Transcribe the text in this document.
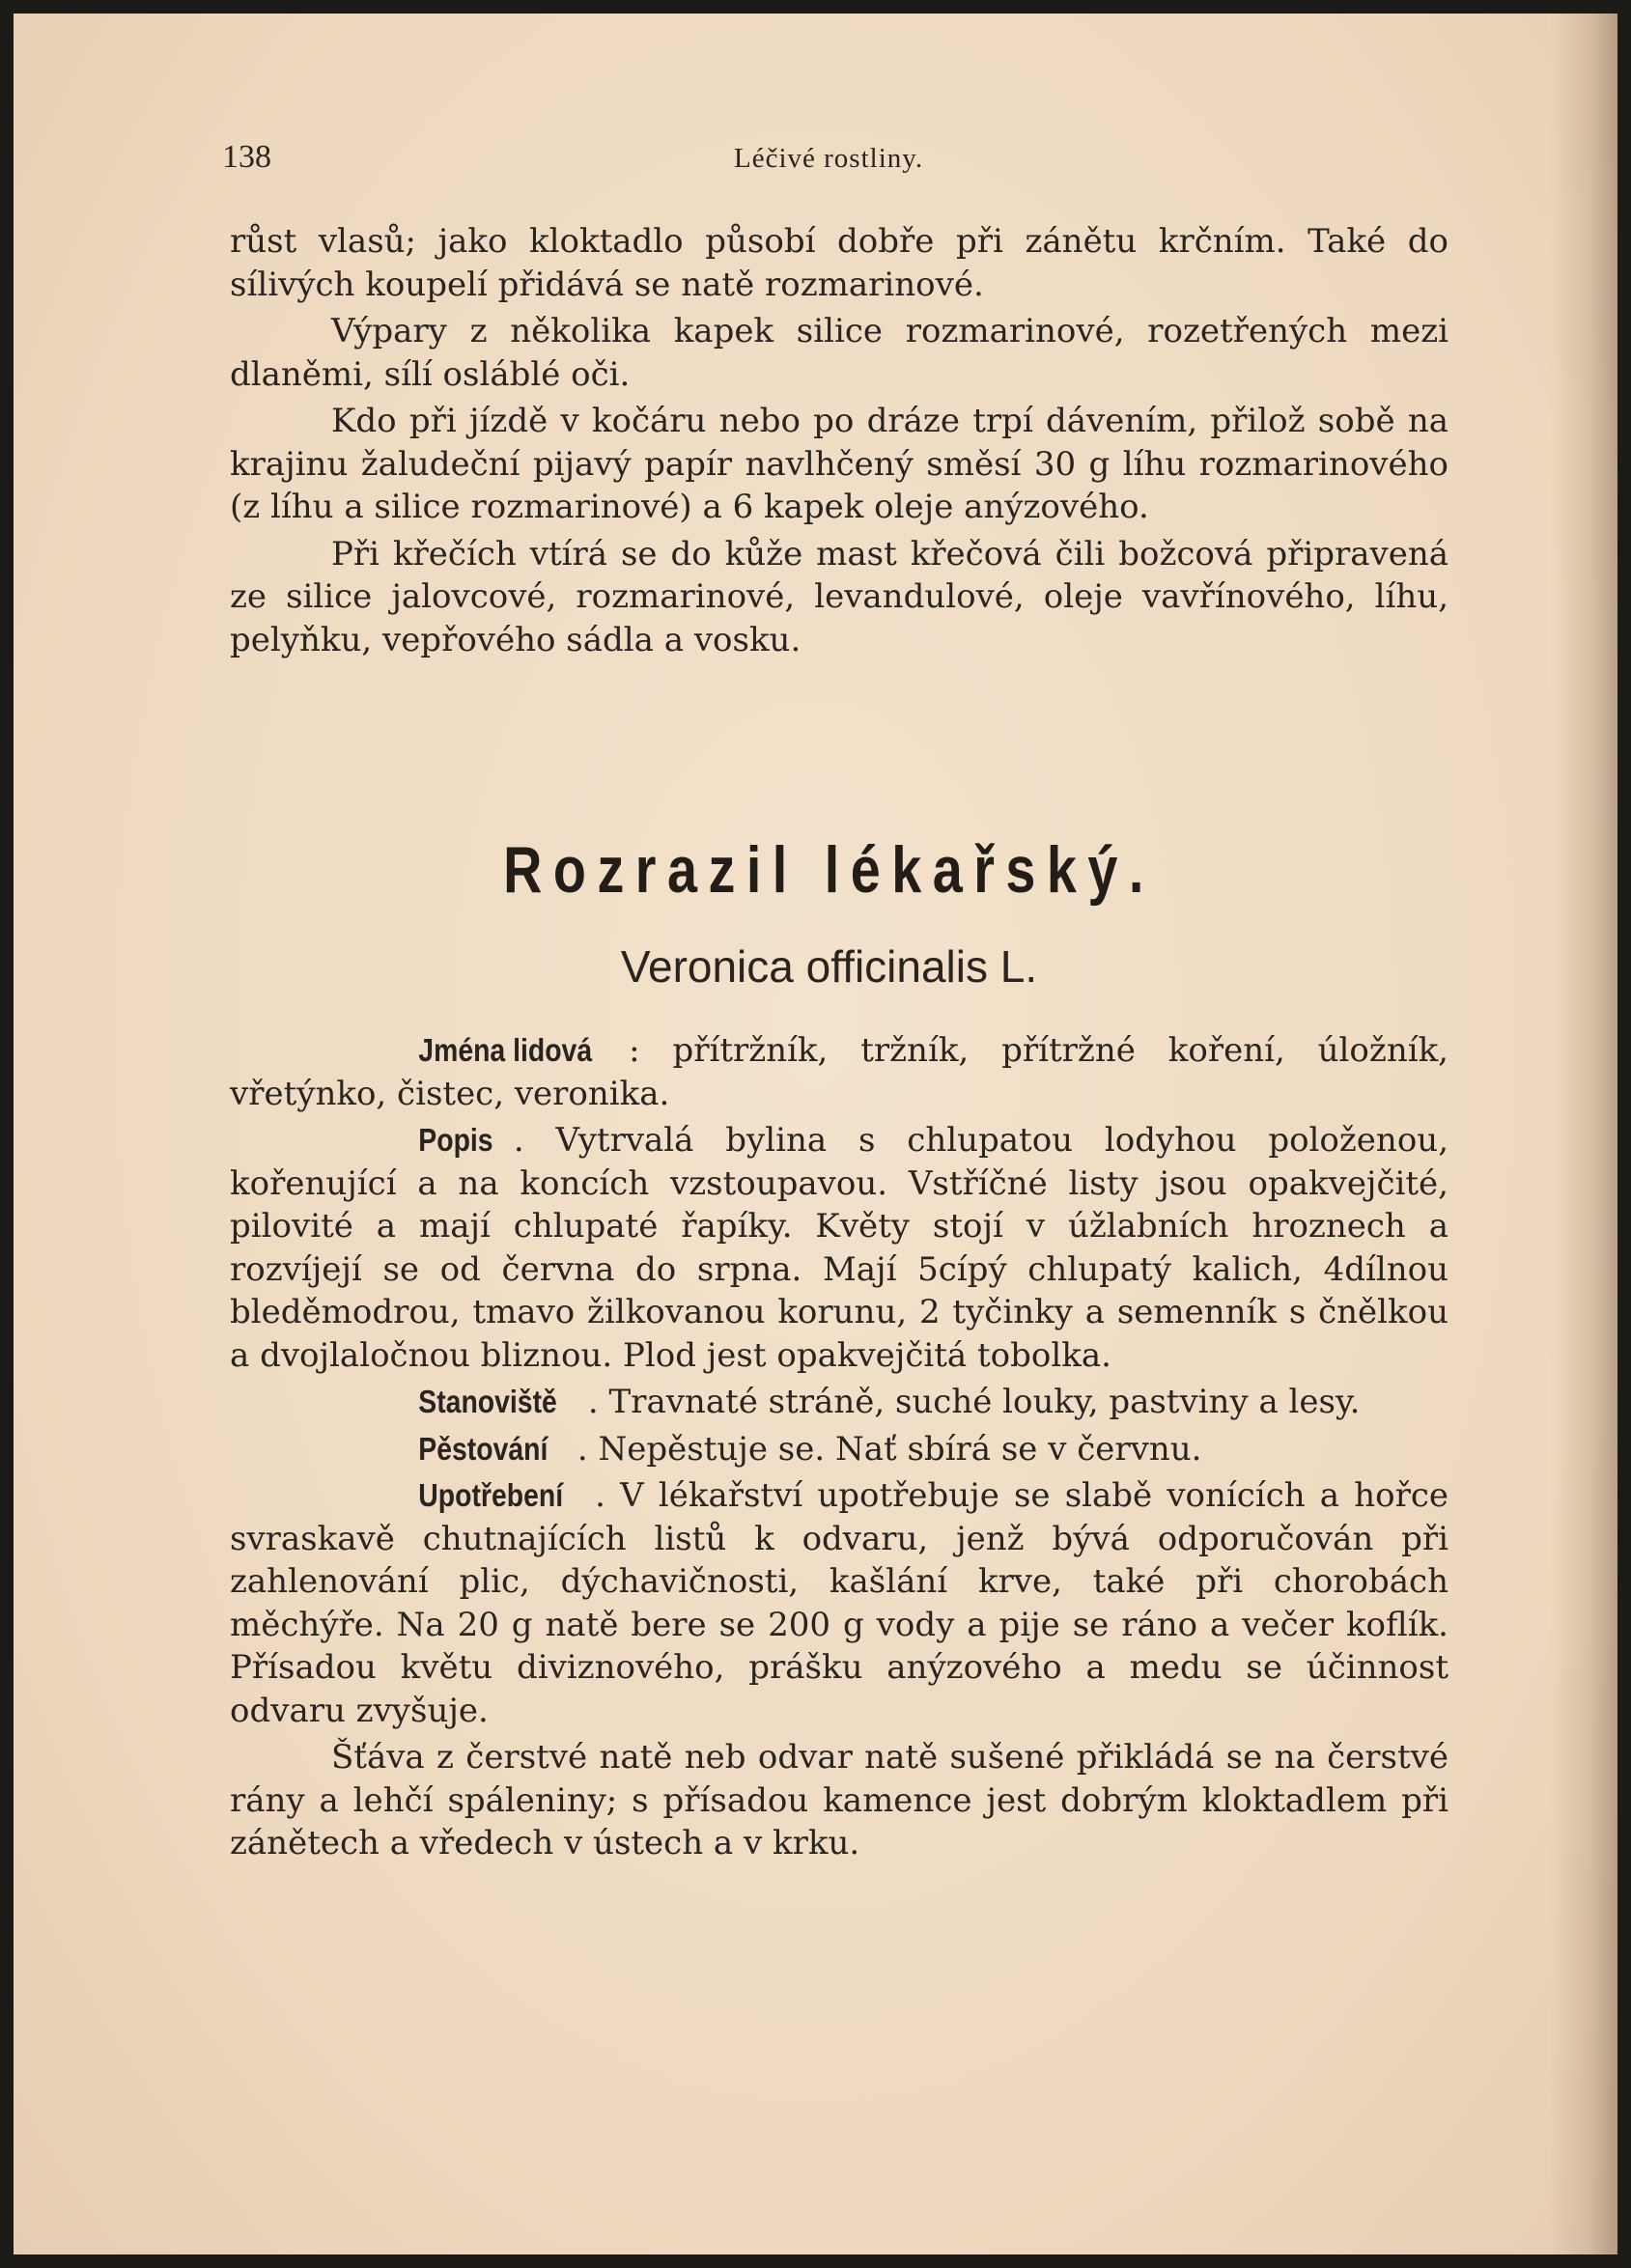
138	Léčivé rostliny.

růst vlasů; jako kloktadlo působí dobře při zánětu krčním. Také do sílivých koupelí přidává se natě rozmarinové.

Výpary z několika kapek silice rozmarinové, rozetřených mezi dlaněmi, sílí osláblé oči.

Kdo při jízdě v kočáru nebo po dráze trpí dávením, přilož sobě na krajinu žaludeční pijavý papír navlhčený směsí 30 g líhu rozmarinového (z líhu a silice rozmarinové) a 6 kapek oleje anýzového.

Při křečích vtírá se do kůže mast křečová čili božcová připravená ze silice jalovcové, rozmarinové, levandulové, oleje vavřínového, líhu, pelyňku, vepřového sádla a vosku.

Rozrazil lékařský.
Veronica officinalis L.

Jména lidová : přítržník, tržník, přítržné koření, úložník, vřetýnko, čistec, veronika.

Popis . Vytrvalá bylina s chlupatou lodyhou položenou, kořenující a na koncích vzstoupavou. Vstříčné listy jsou opakvejčité, pilovité a mají chlupaté řapíky. Květy stojí v úžlabních hroznech a rozvíjejí se od června do srpna. Mají 5cípý chlupatý kalich, 4dílnou bleděmodrou, tmavo žilkovanou korunu, 2 tyčinky a semenník s čnělkou a dvojlaločnou bliznou. Plod jest opakvejčitá tobolka.

Stanoviště . Travnaté stráně, suché louky, pastviny a lesy.

Pěstování . Nepěstuje se. Nať sbírá se v červnu.

Upotřebení . V lékařství upotřebuje se slabě vonících a hořce svraskavě chutnajících listů k odvaru, jenž bývá odporučován při zahlenování plic, dýchavičnosti, kašlání krve, také při chorobách měchýře. Na 20 g natě bere se 200 g vody a pije se ráno a večer koflík. Přísadou květu diviznového, prášku anýzového a medu se účinnost odvaru zvyšuje.

Šťáva z čerstvé natě neb odvar natě sušené přikládá se na čerstvé rány a lehčí spáleniny; s přísadou kamence jest dobrým kloktadlem při zánětech a vředech v ústech a v krku.
